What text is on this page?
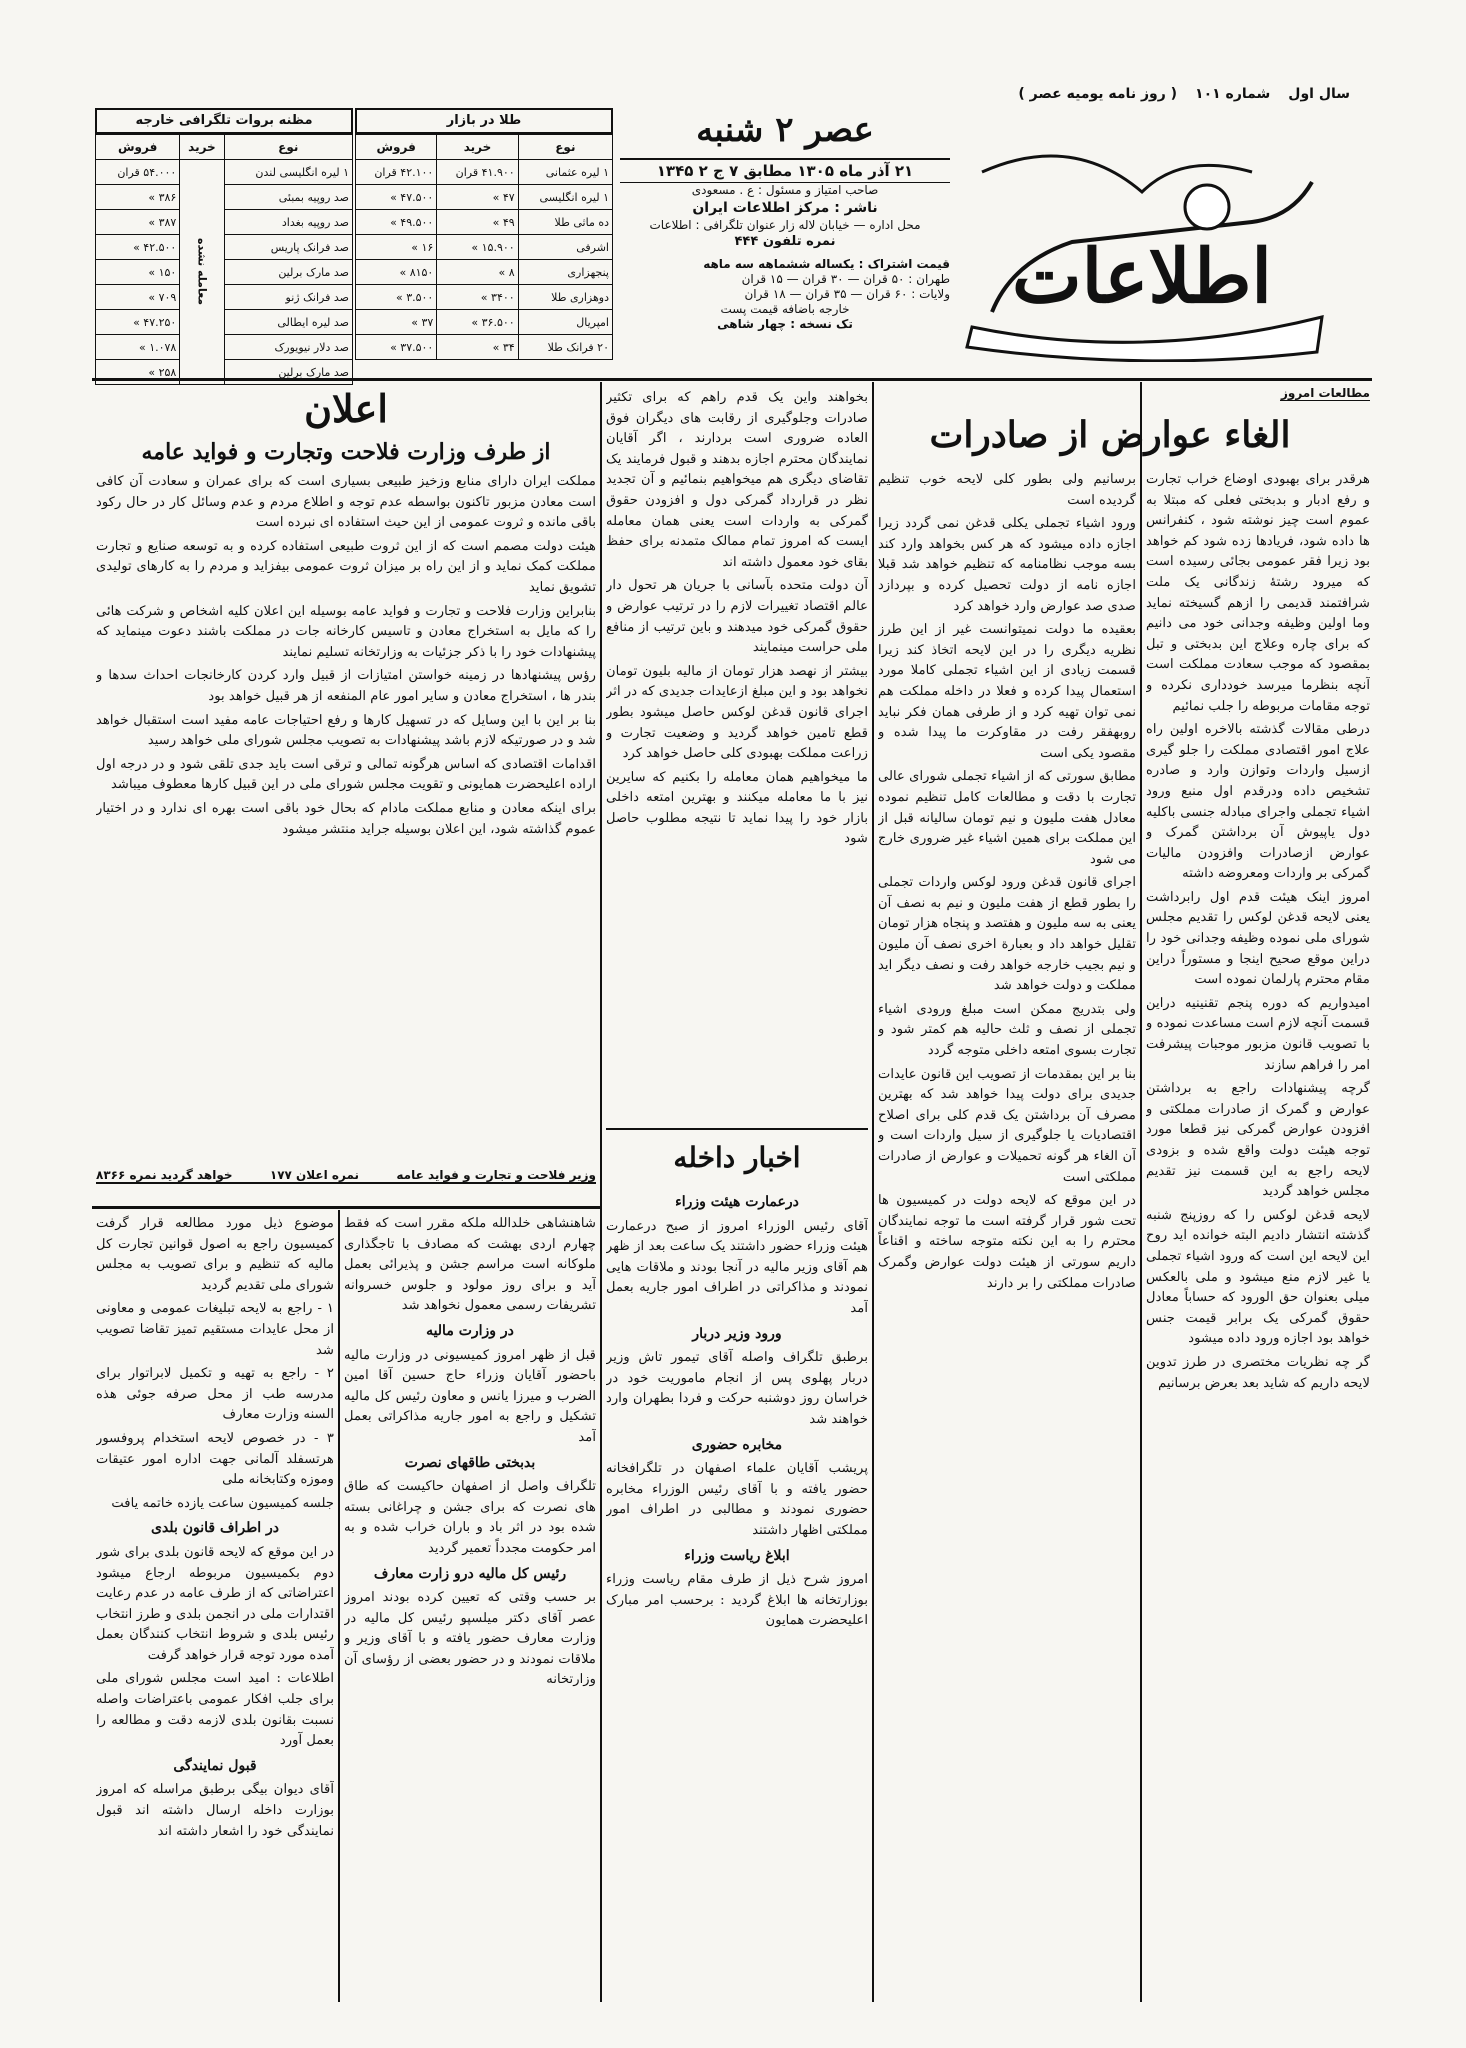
سال اول
شماره ۱۰۱
( روز نامه یومیه عصر )
اطلاعات
عصر ۲ شنبه
۲۱ آذر ماه ۱۳۰۵ مطابق ۷ ج ۲ ۱۳۴۵
صاحب امتیاز و مسئول : ع . مسعودی
ناشر : مرکز اطلاعات ایران
محل اداره — خیابان لاله زار عنوان تلگرافی : اطلاعات
نمره تلفون ۴۴۴
قیمت اشتراک : یکساله ششماهه سه ماهه
طهران : ۵۰ قران — ۳۰ قران — ۱۵ قران
ولایات : ۶۰ قران — ۳۵ قران — ۱۸ قران
خارجه باضافه قیمت پست
تک نسخه : چهار شاهی
طلا در بازار
نوع	خرید	فروش
۱ لیره عثمانی	۴۱.۹۰۰ قران	۴۲.۱۰۰ قران
۱ لیره انگلیسی	۴۷ »	۴۷.۵۰۰ »
ده ماثی طلا	۴۹ »	۴۹.۵۰۰ »
اشرفی	۱۵.۹۰۰ »	۱۶ »
پنجهزاری	۸ »	۸۱۵۰ »
دوهزاری طلا	۳۴۰۰ »	۳.۵۰۰ »
امپریال	۳۶.۵۰۰ »	۳۷ »
۲۰ فرانک طلا	۳۴ »	۳۷.۵۰۰ »
مظنه بروات تلگرافی خارجه
نوع	خرید	فروش
۱ لیره انگلیسی لندن	معامله نشده	۵۴.۰۰۰ قران
صد روپیه بمبئی		۳۸۶ »
صد روپیه بغداد		۳۸۷ »
صد فرانک پاریس		۴۲.۵۰۰ »
صد مارک برلین		۱۵۰ »
صد فرانک ژنو		۷۰۹ »
صد لیره ایطالی		۴۷.۲۵۰ »
صد دلار نیویورک		۱.۰۷۸ »
صد مارک برلین		۲۵۸ »
مطالعات امروز
الغاء عوارض از صادرات

هرقدر برای بهبودی اوضاع خراب تجارت و رفع ادبار و بدبختی فعلی که مبتلا به عموم است چیز نوشته شود ، کنفرانس ها داده شود، فریادها زده شود کم خواهد بود زیرا فقر عمومی بجائی رسیده است که میرود رشتهٔ زندگانی یک ملت شرافتمند قدیمی را ازهم گسیخته نماید وما اولین وظیفه وجدانی خود می دانیم که برای چاره وعلاج این بدبختی و تبل بمقصود که موجب سعادت مملکت است آنچه بنظرما میرسد خودداری نکرده و توجه مقامات مربوطه را جلب نمائیم

درطی مقالات گذشته بالاخره اولین راه علاج امور اقتصادی مملکت را جلو گیری ازسیل واردات وتوازن وارد و صادره تشخیص داده ودرقدم اول منبع ورود اشیاء تجملی واجرای مبادله جنسی باکلیه دول یاپیوش آن برداشتن گمرک و عوارض ازصادرات وافزودن مالیات گمرکی بر واردات ومعروضه داشته

امروز اینک هیئت قدم اول رابرداشت یعنی لایحه قدغن لوکس را تقدیم مجلس شورای ملی نموده وظیفه وجدانی خود را دراین موقع صحیح اینجا و مستوراً دراین مقام محترم پارلمان نموده است

امیدواریم که دوره پنجم تقنینیه دراین قسمت آنچه لازم است مساعدت نموده و با تصویب قانون مزبور موجبات پیشرفت امر را فراهم سازند

گرچه پیشنهادات راجع به برداشتن عوارض و گمرک از صادرات مملکتی و افزودن عوارض گمرکی نیز قطعا مورد توجه هیئت دولت واقع شده و بزودی لایحه راجع به این قسمت نیز تقدیم مجلس خواهد گردید

لایحه قدغن لوکس را که روزپنج شنبه گذشته انتشار دادیم البته خوانده اید روح این لایحه این است که ورود اشیاء تجملی یا غیر لازم منع میشود و ملی بالعکس میلی بعنوان حق الورود که حساباً معادل حقوق گمرکی یک برابر قیمت جنس خواهد بود اجازه ورود داده میشود

گر چه نظریات مختصری در طرز تدوین لایحه داریم که شاید بعد بعرض برسانیم

برسانیم ولی بطور کلی لایحه خوب تنظیم گردیده است

ورود اشیاء تجملی یکلی قدغن نمی گردد زیرا اجازه داده میشود که هر کس بخواهد وارد کند بسه موجب نظامنامه که تنظیم خواهد شد قبلا اجازه نامه از دولت تحصیل کرده و بپردازد صدی صد عوارض وارد خواهد کرد

بعقیده ما دولت نمیتوانست غیر از این طرز نظریه دیگری را در این لایحه اتخاذ کند زیرا قسمت زیادی از این اشیاء تجملی کاملا مورد استعمال پیدا کرده و فعلا در داخله مملکت هم نمی توان تهیه کرد و از طرفی همان فکر نباید روبهفقر رفت در مقاوکرت ما پیدا شده و مقصود یکی است

مطابق سورتی که از اشیاء تجملی شورای عالی تجارت با دقت و مطالعات کامل تنظیم نموده معادل هفت ملیون و نیم تومان سالیانه قبل از این مملکت برای همین اشیاء غیر ضروری خارج می شود

اجرای قانون قدغن ورود لوکس واردات تجملی را بطور قطع از هفت ملیون و نیم به نصف آن یعنی به سه ملیون و هفتصد و پنجاه هزار تومان تقلیل خواهد داد و بعبارة اخری نصف آن ملیون و نیم بجیب خارجه خواهد رفت و نصف دیگر اید مملکت و دولت خواهد شد

ولی بتدریج ممکن است مبلغ ورودی اشیاء تجملی از نصف و ثلث حالیه هم کمتر شود و تجارت بسوی امتعه داخلی متوجه گردد

بنا بر این بمقدمات از تصویب این قانون عایدات جدیدی برای دولت پیدا خواهد شد که بهترین مصرف آن برداشتن یک قدم کلی برای اصلاح اقتصادیات یا جلوگیری از سیل واردات است و آن الغاء هر گونه تحمیلات و عوارض از صادرات مملکتی است

در این موقع که لایحه دولت در کمیسیون ها تحت شور قرار گرفته است ما توجه نمایندگان محترم را به این نکته متوجه ساخته و اقناعاً داریم سورتی از هیئت دولت عوارض وگمرک صادرات مملکتی را بر دارند

بخواهند واین یک قدم راهم که برای تکثیر صادرات وجلوگیری از رقابت های دیگران فوق العاده ضروری است بردارند ، اگر آقایان نمایندگان محترم اجازه بدهند و قبول فرمایند یک تقاضای دیگری هم میخواهیم بنمائیم و آن تجدید نظر در قرارداد گمرکی دول و افزودن حقوق گمرکی به واردات است یعنی همان معامله ایست که امروز تمام ممالک متمدنه برای حفظ بقای خود معمول داشته اند

آن دولت متحده بآسانی با جریان هر تحول دار عالم اقتصاد تغییرات لازم را در ترتیب عوارض و حقوق گمرکی خود میدهند و باین ترتیب از منافع ملی حراست مینمایند

بیشتر از نهصد هزار تومان از مالیه بلیون تومان نخواهد بود و این مبلغ ازعایدات جدیدی که در اثر اجرای قانون قدغن لوکس حاصل میشود بطور قطع تامین خواهد گردید و وضعیت تجارت و زراعت مملکت بهبودی کلی حاصل خواهد کرد

ما میخواهیم همان معامله را بکنیم که سایرین نیز با ما معامله میکنند و بهترین امتعه داخلی بازار خود را پیدا نماید تا نتیجه مطلوب حاصل شود

اخبار داخله
درعمارت هیئت وزراء

آقای رئیس الوزراء امروز از صبح درعمارت هیئت وزراء حضور داشتند یک ساعت بعد از ظهر هم آقای وزیر مالیه در آنجا بودند و ملاقات هایی نمودند و مذاکراتی در اطراف امور جاریه بعمل آمد

ورود وزیر دربار

برطبق تلگراف واصله آقای تیمور تاش وزیر دربار پهلوی پس از انجام ماموریت خود در خراسان روز دوشنبه حرکت و فردا بطهران وارد خواهند شد

مخابره حضوری

پریشب آقایان علماء اصفهان در تلگرافخانه حضور یافته و با آقای رئیس الوزراء مخابره حضوری نمودند و مطالبی در اطراف امور مملکتی اظهار داشتند

ابلاغ ریاست وزراء

امروز شرح ذیل از طرف مقام ریاست وزراء بوزارتخانه ها ابلاغ گردید : برحسب امر مبارک اعلیحضرت همایون

اعلان
از طرف وزارت فلاحت وتجارت و فواید عامه

مملکت ایران دارای منابع وزخیز طبیعی بسیاری است که برای عمران و سعادت آن کافی است معادن مزبور تاکنون بواسطه عدم توجه و اطلاع مردم و عدم وسائل کار در حال رکود باقی مانده و ثروت عمومی از این حیث استفاده ای نبرده است

هیئت دولت مصمم است که از این ثروت طبیعی استفاده کرده و به توسعه صنایع و تجارت مملکت کمک نماید و از این راه بر میزان ثروت عمومی بیفزاید و مردم را به کارهای تولیدی تشویق نماید

بنابراین وزارت فلاحت و تجارت و فواید عامه بوسیله این اعلان کلیه اشخاص و شرکت هائی را که مایل به استخراج معادن و تاسیس کارخانه جات در مملکت باشند دعوت مینماید که پیشنهادات خود را با ذکر جزئیات به وزارتخانه تسلیم نمایند

رؤس پیشنهادها در زمینه خواستن امتیازات از قبیل وارد کردن کارخانجات احداث سدها و بندر ها ، استخراج معادن و سایر امور عام المنفعه از هر قبیل خواهد بود

بنا بر این با این وسایل که در تسهیل کارها و رفع احتیاجات عامه مفید است استقبال خواهد شد و در صورتیکه لازم باشد پیشنهادات به تصویب مجلس شورای ملی خواهد رسید

اقدامات اقتصادی که اساس هرگونه تمالی و ترقی است باید جدی تلقی شود و در درجه اول اراده اعلیحضرت همایونی و تقویت مجلس شورای ملی در این قبیل کارها معطوف میباشد

برای اینکه معادن و منابع مملکت مادام که بحال خود باقی است بهره ای ندارد و در اختیار عموم گذاشته شود، این اعلان بوسیله جراید منتشر میشود

وزیر فلاحت و تجارت و فواید عامه
نمره اعلان ۱۷۷
خواهد گردید نمره ۸۳۶۶

شاهنشاهی خلدالله ملکه مقرر است که فقط چهارم اردی بهشت که مصادف با تاجگذاری ملوکانه است مراسم جشن و پذیرائی بعمل آید و برای روز مولود و جلوس خسروانه تشریفات رسمی معمول نخواهد شد

در وزارت مالیه

قبل از ظهر امروز کمیسیونی در وزارت مالیه باحضور آقایان وزراء حاج حسین آقا امین الضرب و میرزا یانس و معاون رئیس کل مالیه تشکیل و راجع به امور جاریه مذاکراتی بعمل آمد

بدبختی طاقهای نصرت

تلگراف واصل از اصفهان حاکیست که طاق های نصرت که برای جشن و چراغانی بسته شده بود در اثر باد و باران خراب شده و به امر حکومت مجدداً تعمیر گردید

رئیس کل مالیه درو زارت معارف

بر حسب وقتی که تعیین کرده بودند امروز عصر آقای دکتر میلسپو رئیس کل مالیه در وزارت معارف حضور یافته و با آقای وزیر و ملاقات نمودند و در حضور بعضی از رؤسای آن وزارتخانه

موضوع ذیل مورد مطالعه قرار گرفت کمیسیون راجع به اصول قوانین تجارت کل مالیه که تنظیم و برای تصویب به مجلس شورای ملی تقدیم گردید

۱ - راجع به لایحه تبلیغات عمومی و معاونی از محل عایدات مستقیم تمیز تقاضا تصویب شد

۲ - راجع به تهیه و تکمیل لابراتوار برای مدرسه طب از محل صرفه جوئی هذه السنه وزارت معارف

۳ - در خصوص لایحه استخدام پروفسور هرتسفلد آلمانی جهت اداره امور عتیقات وموزه وکتابخانه ملی

جلسه کمیسیون ساعت یازده خاتمه یافت

در اطراف قانون بلدی

در این موقع که لایحه قانون بلدی برای شور دوم بکمیسیون مربوطه ارجاع میشود اعتراضاتی که از طرف عامه در عدم رعایت اقتدارات ملی در انجمن بلدی و طرز انتخاب رئیس بلدی و شروط انتخاب کنندگان بعمل آمده مورد توجه قرار خواهد گرفت

اطلاعات : امید است مجلس شورای ملی برای جلب افکار عمومی باعتراضات واصله نسبت بقانون بلدی لازمه دقت و مطالعه را بعمل آورد

قبول نمایندگی

آقای دیوان بیگی برطبق مراسله که امروز بوزارت داخله ارسال داشته اند قبول نمایندگی خود را اشعار داشته اند
